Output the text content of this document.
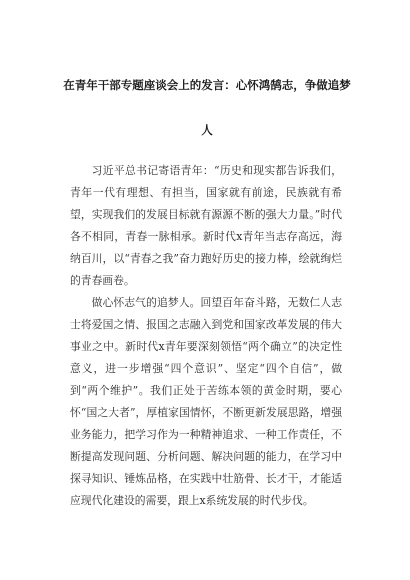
在青年干部专题座谈会上的发言：心怀鸿鹄志，争做追梦
人

习近平总书记寄语青年：“历史和现实都告诉我们，青年一代有理想、有担当，国家就有前途，民族就有希望，实现我们的发展目标就有源源不断的强大力量。”时代各不相同，青春一脉相承。新时代x青年当志存高远，海纳百川，以“青春之我”奋力跑好历史的接力棒，绘就绚烂的青春画卷。

做心怀志气的追梦人。回望百年奋斗路，无数仁人志士将爱国之情、报国之志融入到党和国家改革发展的伟大事业之中。新时代x青年要深刻领悟“两个确立”的决定性意义，进一步增强“四个意识”、坚定“四个自信”，做到“两个维护”。我们正处于苦练本领的黄金时期，要心怀“国之大者”，厚植家国情怀，不断更新发展思路，增强业务能力，把学习作为一种精神追求、一种工作责任，不断提高发现问题、分析问题、解决问题的能力，在学习中探寻知识、锤炼品格，在实践中壮筋骨、长才干，才能适应现代化建设的需要，跟上x系统发展的时代步伐。
